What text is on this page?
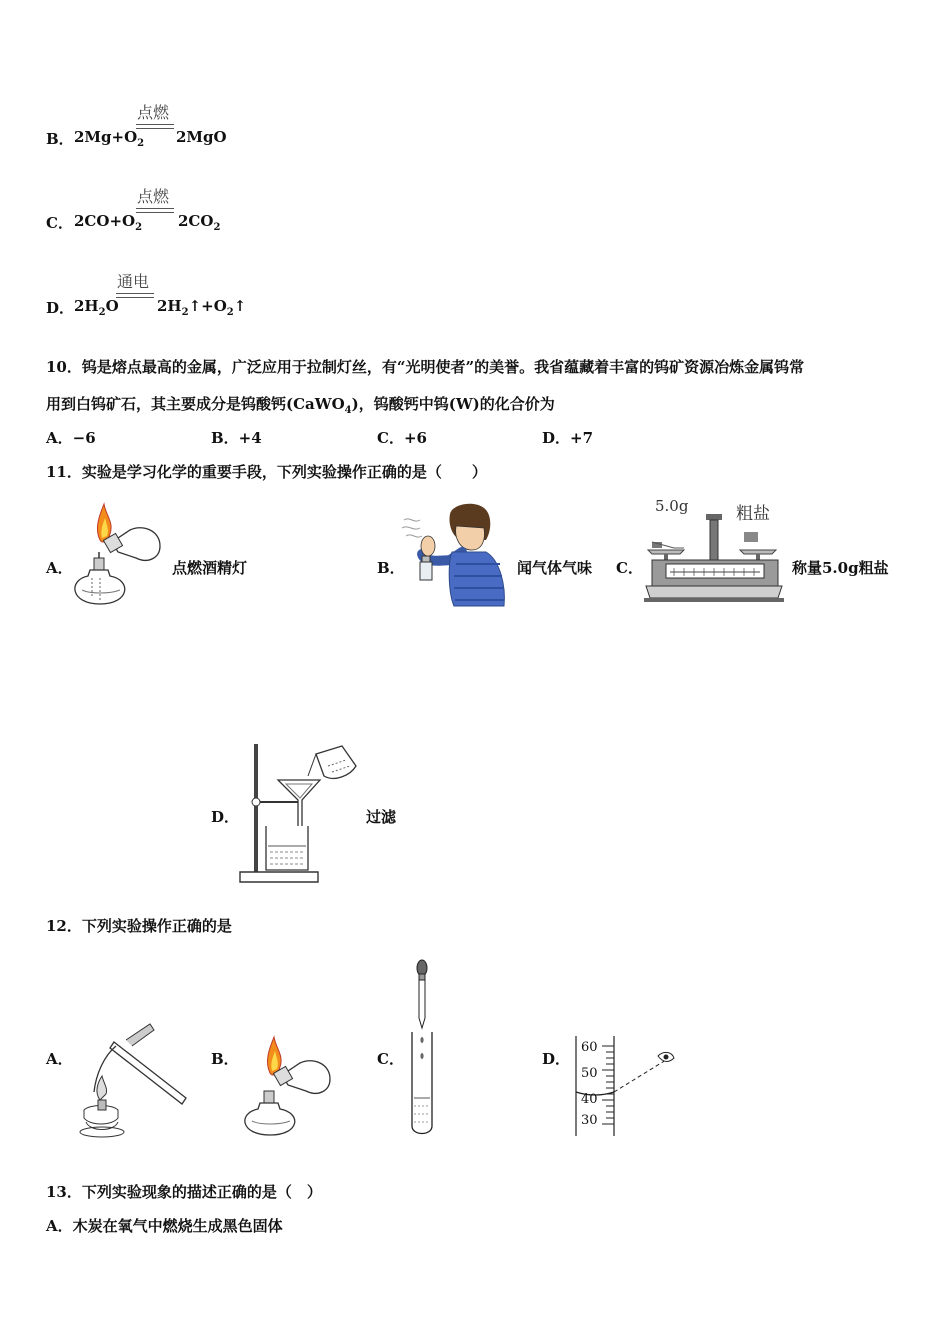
点燃
B． $2Mg+O_2$ 2MgO
点燃
C． $2CO+O_2$ $2CO_2$
通电
D． $2H_2O$	$2H_2↑+O_2↑$
10．钨是熔点最高的金属，广泛应用于拉制灯丝，有“光明使者”的美誉。我省蕴藏着丰富的钨矿资源冶炼金属钨常
用到白钨矿石，其主要成分是钨酸钙(CaWO$_4$)，钨酸钙中钨(W)的化合价为
A．−6	B．+4	C．+6	D．+7
11．实验是学习化学的重要手段，下列实验操作正确的是（　　）
A．	点燃酒精灯	B．	闻气体气味 C．
5.0g	粗盐
称量5.0g粗盐
D．	过滤
12．下列实验操作正确的是
A．	B．	C．	D．
60
50
40
30
13．下列实验现象的描述正确的是（　）
A．木炭在氧气中燃烧生成黑色固体
